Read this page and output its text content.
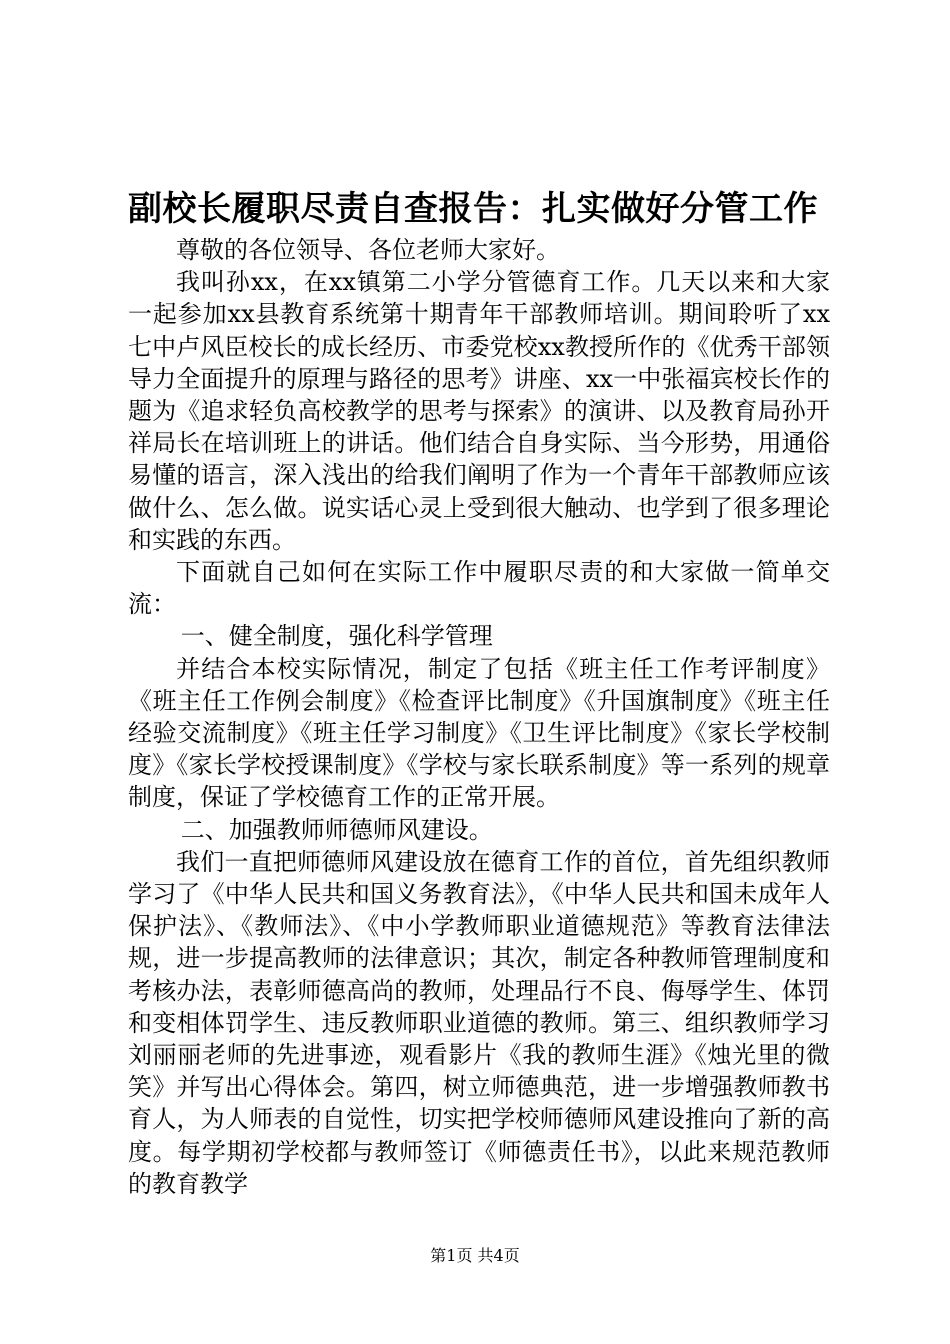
副校长履职尽责自查报告：扎实做好分管工作

尊敬的各位领导、各位老师大家好。

我叫孙xx，在xx镇第二小学分管德育工作。几天以来和大家一起参加xx县教育系统第十期青年干部教师培训。期间聆听了xx七中卢风臣校长的成长经历、市委党校xx教授所作的《优秀干部领导力全面提升的原理与路径的思考》讲座、xx一中张福宾校长作的题为《追求轻负高校教学的思考与探索》的演讲、以及教育局孙开祥局长在培训班上的讲话。他们结合自身实际、当今形势，用通俗易懂的语言，深入浅出的给我们阐明了作为一个青年干部教师应该做什么、怎么做。说实话心灵上受到很大触动、也学到了很多理论和实践的东西。

下面就自己如何在实际工作中履职尽责的和大家做一简单交流：

一、健全制度，强化科学管理

并结合本校实际情况，制定了包括《班主任工作考评制度》《班主任工作例会制度》《检查评比制度》《升国旗制度》《班主任经验交流制度》《班主任学习制度》《卫生评比制度》《家长学校制度》《家长学校授课制度》《学校与家长联系制度》等一系列的规章制度，保证了学校德育工作的正常开展。

二、加强教师师德师风建设。

我们一直把师德师风建设放在德育工作的首位，首先组织教师学习了《中华人民共和国义务教育法》，《中华人民共和国未成年人保护法》、《教师法》、《中小学教师职业道德规范》等教育法律法规，进一步提高教师的法律意识；其次，制定各种教师管理制度和考核办法，表彰师德高尚的教师，处理品行不良、侮辱学生、体罚和变相体罚学生、违反教师职业道德的教师。第三、组织教师学习刘丽丽老师的先进事迹，观看影片《我的教师生涯》《烛光里的微笑》并写出心得体会。第四，树立师德典范，进一步增强教师教书育人，为人师表的自觉性，切实把学校师德师风建设推向了新的高度。每学期初学校都与教师签订《师德责任书》，以此来规范教师的教育教学

第1页 共4页
